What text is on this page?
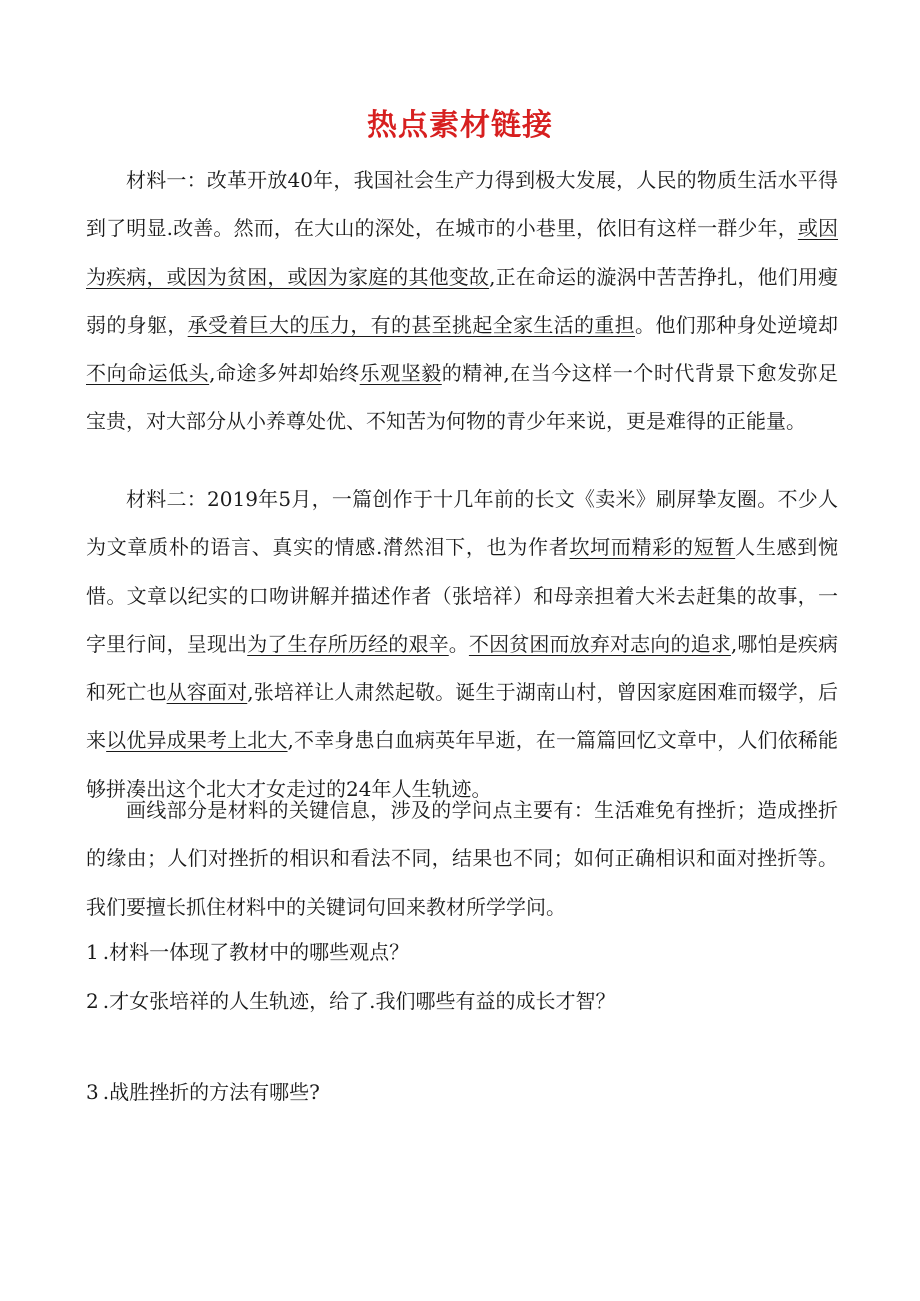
热点素材链接

材料一：改革开放40年，我国社会生产力得到极大发展，人民的物质生活水平得到了明显.改善。然而，在大山的深处，在城市的小巷里，依旧有这样一群少年，或因为疾病，或因为贫困，或因为家庭的其他变故,正在命运的漩涡中苦苦挣扎，他们用瘦弱的身躯，承受着巨大的压力，有的甚至挑起全家生活的重担。他们那种身处逆境却不向命运低头,命途多舛却始终乐观坚毅的精神,在当今这样一个时代背景下愈发弥足宝贵，对大部分从小养尊处优、不知苦为何物的青少年来说，更是难得的正能量。

材料二：2019年5月，一篇创作于十几年前的长文《卖米》刷屏挚友圈。不少人为文章质朴的语言、真实的情感.潸然泪下，也为作者坎坷而精彩的短暂人生感到惋惜。文章以纪实的口吻讲解并描述作者（张培祥）和母亲担着大米去赶集的故事，一字里行间，呈现出为了生存所历经的艰辛。不因贫困而放弃对志向的追求,哪怕是疾病和死亡也从容面对,张培祥让人肃然起敬。诞生于湖南山村，曾因家庭困难而辍学，后来以优异成果考上北大,不幸身患白血病英年早逝，在一篇篇回忆文章中，人们依稀能够拼凑出这个北大才女走过的24年人生轨迹。

画线部分是材料的关键信息，涉及的学问点主要有：生活难免有挫折；造成挫折的缘由；人们对挫折的相识和看法不同，结果也不同；如何正确相识和面对挫折等。我们要擅长抓住材料中的关键词句回来教材所学学问。

1 .材料一体现了教材中的哪些观点？

2 .才女张培祥的人生轨迹，给了.我们哪些有益的成长才智？

3 .战胜挫折的方法有哪些?
